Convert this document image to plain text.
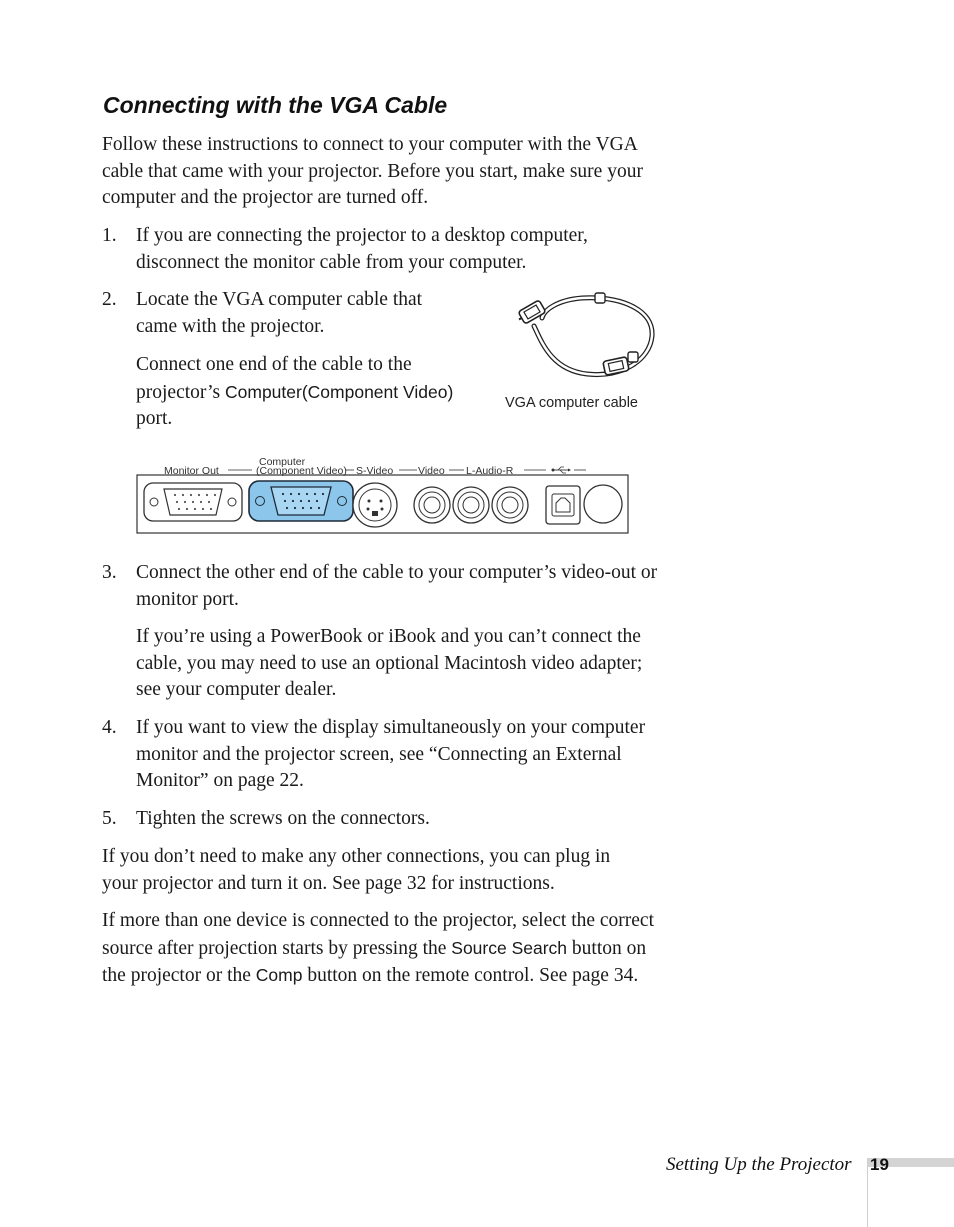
Connecting with the VGA Cable

Follow these instructions to connect to your computer with the VGA cable that came with your projector. Before you start, make sure your computer and the projector are turned off.

1. If you are connecting the projector to a desktop computer, disconnect the monitor cable from your computer.

2. Locate the VGA computer cable that came with the projector.

Connect one end of the cable to the projector’s Computer(Component Video) port.

VGA computer cable
Monitor Out
Computer
(Component Video) S-Video Video L-Audio-R
3. Connect the other end of the cable to your computer’s video-out or monitor port.

If you’re using a PowerBook or iBook and you can’t connect the cable, you may need to use an optional Macintosh video adapter; see your computer dealer.

4. If you want to view the display simultaneously on your computer monitor and the projector screen, see “Connecting an External Monitor” on page 22.

5. Tighten the screws on the connectors.

If you don’t need to make any other connections, you can plug in your projector and turn it on. See page 32 for instructions.

If more than one device is connected to the projector, select the correct source after projection starts by pressing the Source Search button on the projector or the Comp button on the remote control. See page 34.

Setting Up the Projector 19
